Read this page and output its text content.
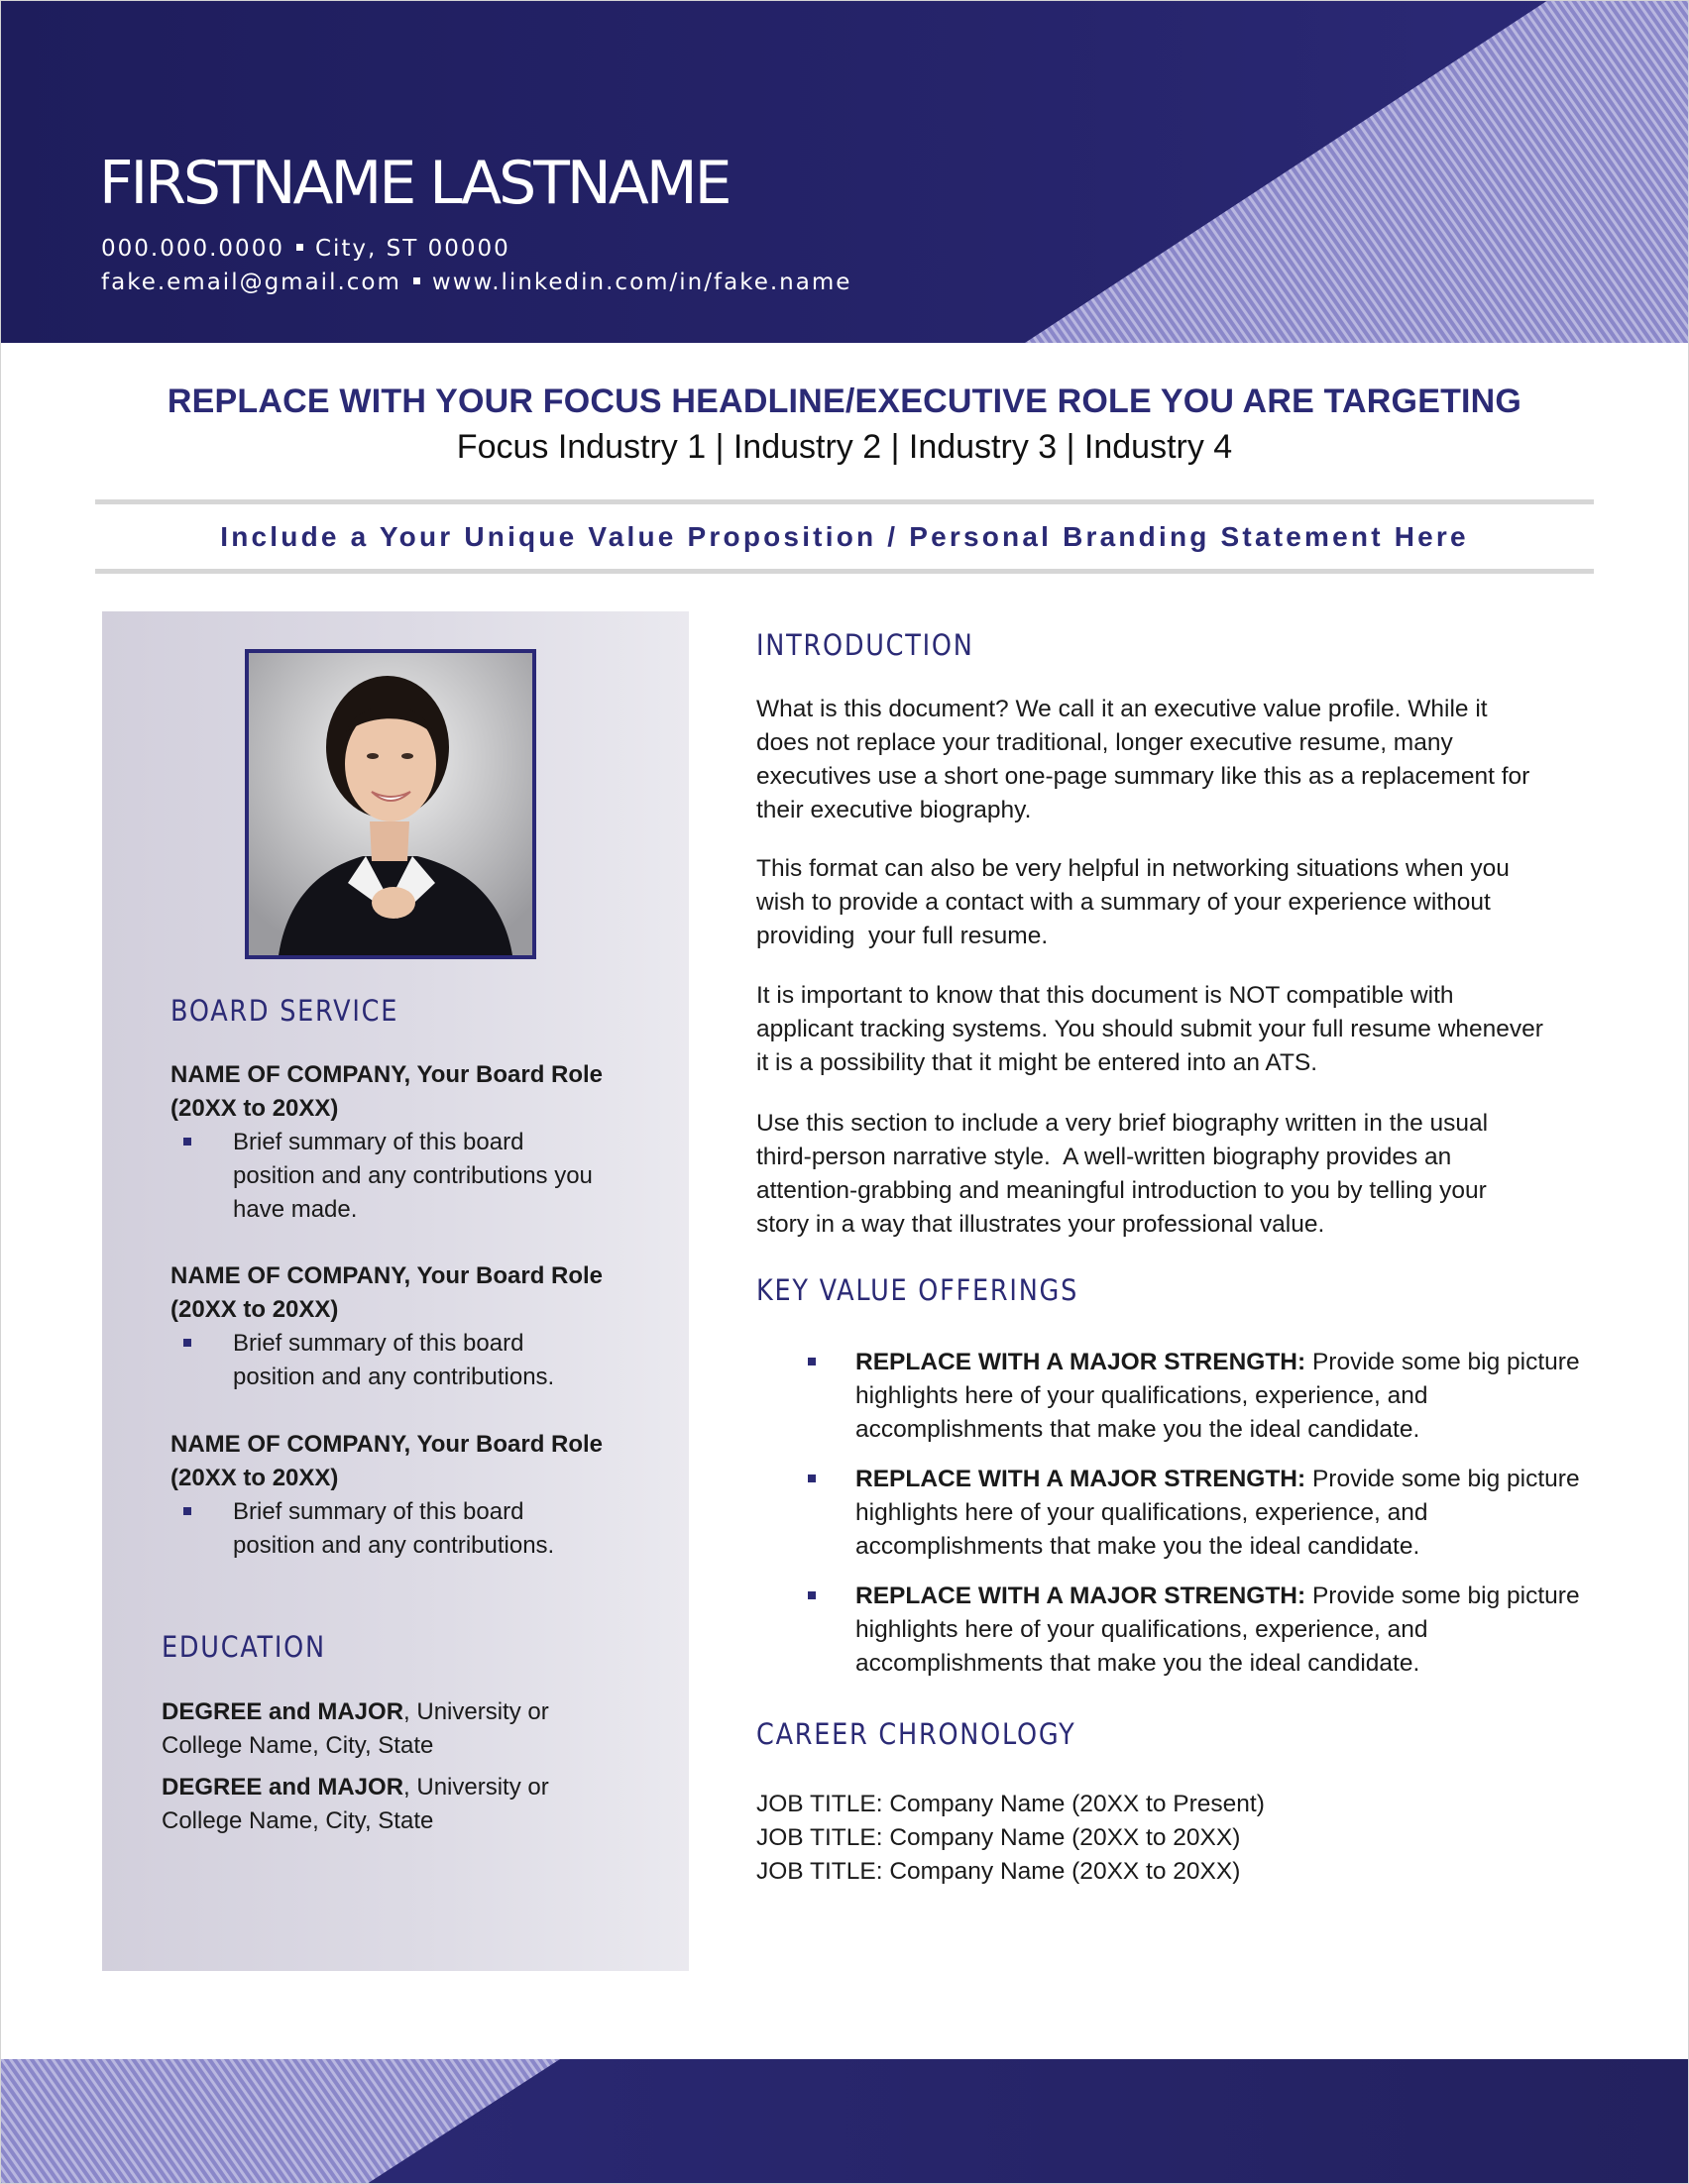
FIRSTNAME LASTNAME
000.000.0000 City, ST 00000
fake.email@gmail.com www.linkedin.com/in/fake.name
REPLACE WITH YOUR FOCUS HEADLINE/EXECUTIVE ROLE YOU ARE TARGETING
Focus Industry 1 | Industry 2 | Industry 3 | Industry 4
Include a Your Unique Value Proposition / Personal Branding Statement Here
BOARD SERVICE
NAME OF COMPANY, Your Board Role
(20XX to 20XX)
Brief summary of this board
position and any contributions you
have made.
NAME OF COMPANY, Your Board Role
(20XX to 20XX)
Brief summary of this board
position and any contributions.
NAME OF COMPANY, Your Board Role
(20XX to 20XX)
Brief summary of this board
position and any contributions.
EDUCATION
DEGREE and MAJOR, University or
College Name, City, State
DEGREE and MAJOR, University or
College Name, City, State
INTRODUCTION
What is this document? We call it an executive value profile. While it
does not replace your traditional, longer executive resume, many
executives use a short one-page summary like this as a replacement for
their executive biography.
This format can also be very helpful in networking situations when you
wish to provide a contact with a summary of your experience without
providing  your full resume.
It is important to know that this document is NOT compatible with
applicant tracking systems. You should submit your full resume whenever
it is a possibility that it might be entered into an ATS.
Use this section to include a very brief biography written in the usual
third-person narrative style.  A well-written biography provides an
attention-grabbing and meaningful introduction to you by telling your
story in a way that illustrates your professional value.
KEY VALUE OFFERINGS
REPLACE WITH A MAJOR STRENGTH: Provide some big picture
highlights here of your qualifications, experience, and
accomplishments that make you the ideal candidate.
REPLACE WITH A MAJOR STRENGTH: Provide some big picture
highlights here of your qualifications, experience, and
accomplishments that make you the ideal candidate.
REPLACE WITH A MAJOR STRENGTH: Provide some big picture
highlights here of your qualifications, experience, and
accomplishments that make you the ideal candidate.
CAREER CHRONOLOGY
JOB TITLE: Company Name (20XX to Present)
JOB TITLE: Company Name (20XX to 20XX)
JOB TITLE: Company Name (20XX to 20XX)
